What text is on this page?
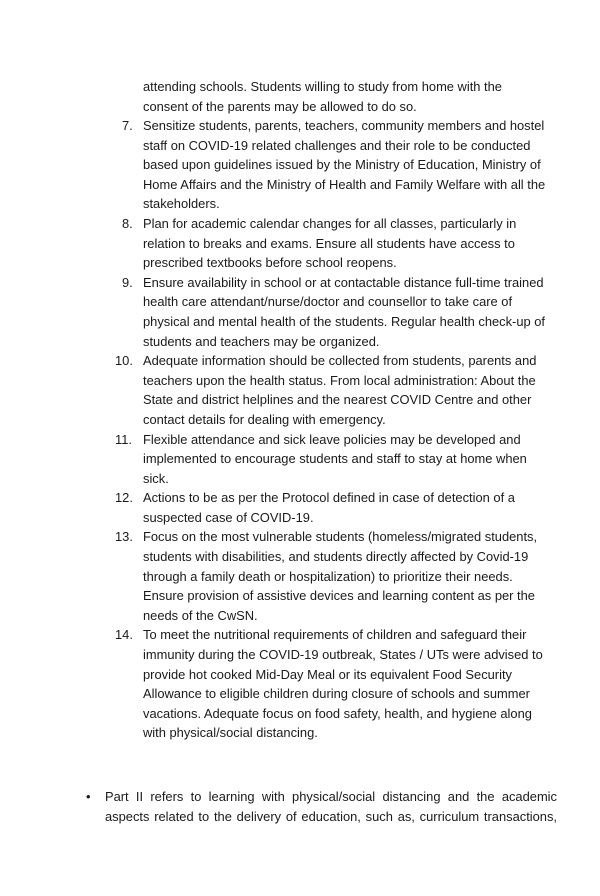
attending schools. Students willing to study from home with the

consent of the parents may be allowed to do so.

7. Sensitize students, parents, teachers, community members and hostel
staff on COVID-19 related challenges and their role to be conducted
based upon guidelines issued by the Ministry of Education, Ministry of
Home Affairs and the Ministry of Health and Family Welfare with all the
stakeholders.
8. Plan for academic calendar changes for all classes, particularly in
relation to breaks and exams. Ensure all students have access to
prescribed textbooks before school reopens.
9. Ensure availability in school or at contactable distance full-time trained
health care attendant/nurse/doctor and counsellor to take care of
physical and mental health of the students. Regular health check-up of
students and teachers may be organized.
10. Adequate information should be collected from students, parents and
teachers upon the health status. From local administration: About the
State and district helplines and the nearest COVID Centre and other
contact details for dealing with emergency.
11. Flexible attendance and sick leave policies may be developed and
implemented to encourage students and staff to stay at home when
sick.
12. Actions to be as per the Protocol defined in case of detection of a
suspected case of COVID-19.
13. Focus on the most vulnerable students (homeless/migrated students,
students with disabilities, and students directly affected by Covid-19
through a family death or hospitalization) to prioritize their needs.
Ensure provision of assistive devices and learning content as per the
needs of the CwSN.
14. To meet the nutritional requirements of children and safeguard their
immunity during the COVID-19 outbreak, States / UTs were advised to
provide hot cooked Mid-Day Meal or its equivalent Food Security
Allowance to eligible children during closure of schools and summer
vacations. Adequate focus on food safety, health, and hygiene along
with physical/social distancing.
• Part II refers to learning with physical/social distancing and the academic
aspects related to the delivery of education, such as, curriculum transactions,
